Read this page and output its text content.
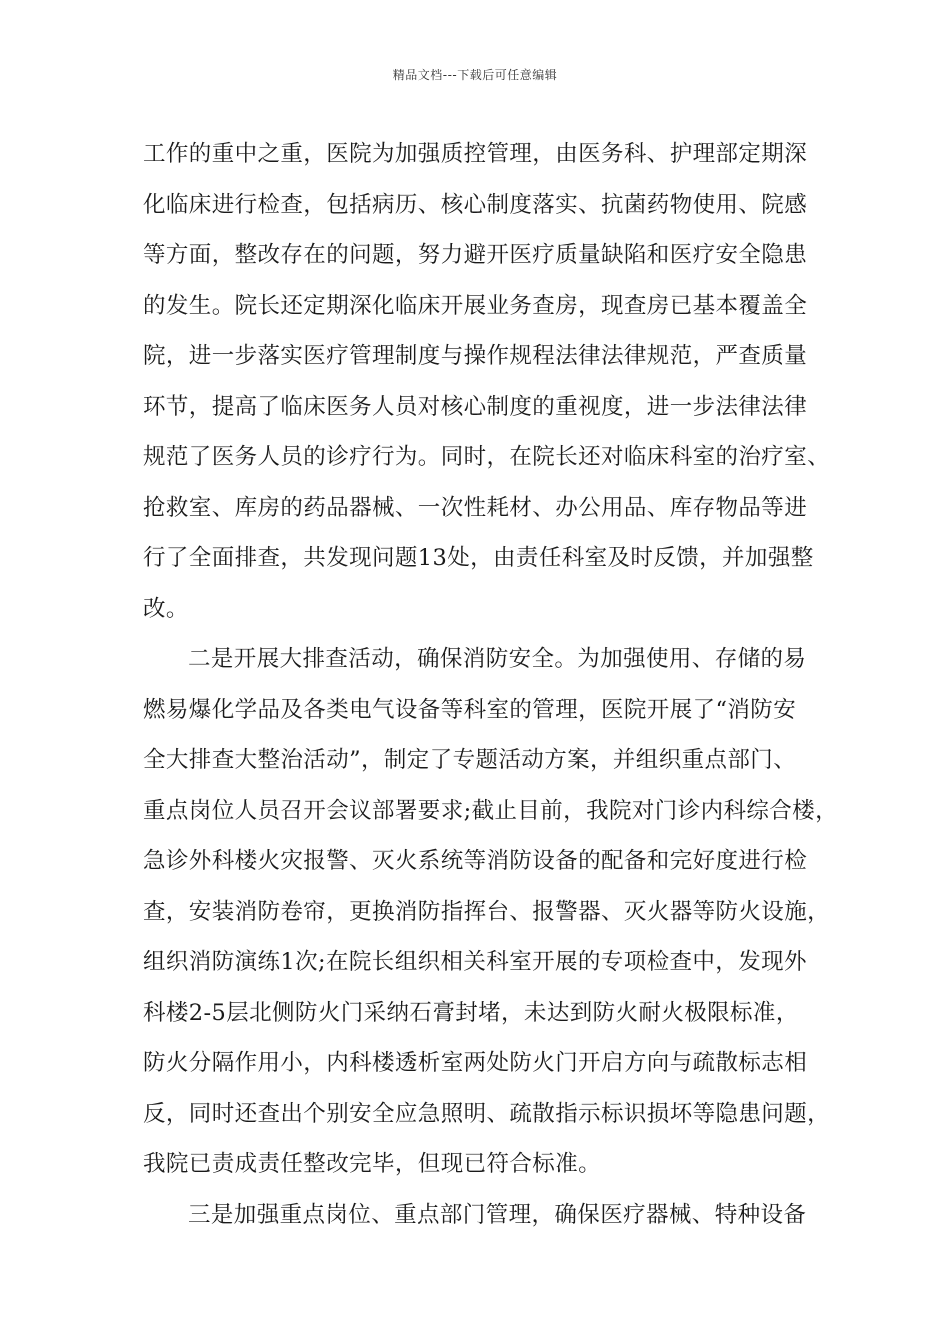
精品文档---下载后可任意编辑
工作的重中之重，医院为加强质控管理，由医务科、护理部定期深
化临床进行检查，包括病历、核心制度落实、抗菌药物使用、院感
等方面，整改存在的问题，努力避开医疗质量缺陷和医疗安全隐患
的发生。院长还定期深化临床开展业务查房，现查房已基本覆盖全
院，进一步落实医疗管理制度与操作规程法律法律规范，严查质量
环节，提高了临床医务人员对核心制度的重视度，进一步法律法律
规范了医务人员的诊疗行为。同时，在院长还对临床科室的治疗室、
抢救室、库房的药品器械、一次性耗材、办公用品、库存物品等进
行了全面排查，共发现问题13处，由责任科室及时反馈，并加强整
改。
二是开展大排查活动，确保消防安全。为加强使用、存储的易
燃易爆化学品及各类电气设备等科室的管理，医院开展了“消防安
全大排查大整治活动”，制定了专题活动方案，并组织重点部门、
重点岗位人员召开会议部署要求;截止目前，我院对门诊内科综合楼，
急诊外科楼火灾报警、灭火系统等消防设备的配备和完好度进行检
查，安装消防卷帘，更换消防指挥台、报警器、灭火器等防火设施，
组织消防演练1次;在院长组织相关科室开展的专项检查中，发现外
科楼2-5层北侧防火门采纳石膏封堵，未达到防火耐火极限标准，
防火分隔作用小，内科楼透析室两处防火门开启方向与疏散标志相
反，同时还查出个别安全应急照明、疏散指示标识损坏等隐患问题，
我院已责成责任整改完毕，但现已符合标准。
三是加强重点岗位、重点部门管理，确保医疗器械、特种设备
